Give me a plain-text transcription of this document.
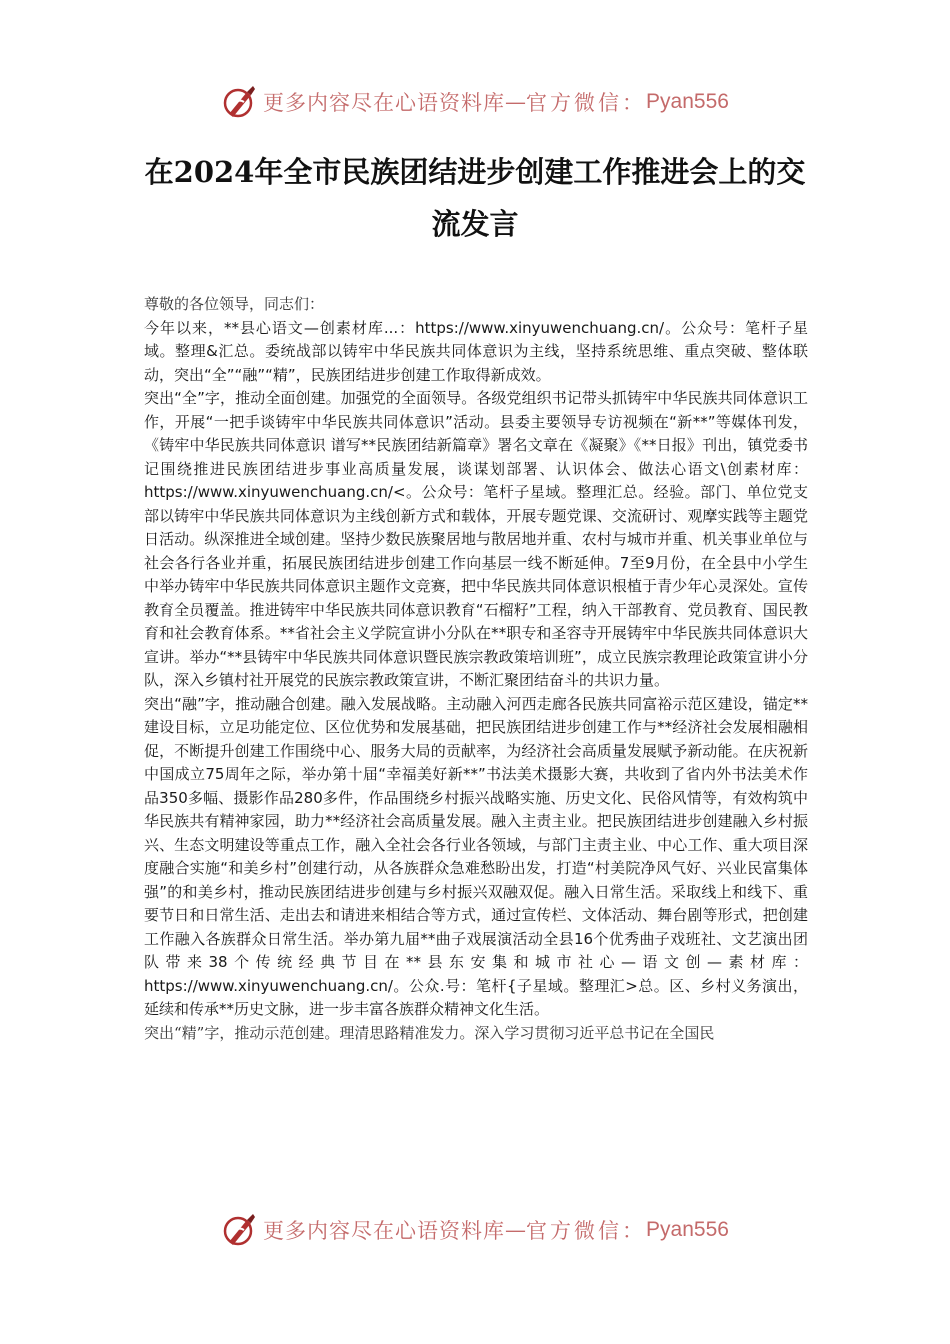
更多内容尽在心语资料库 — 官方微信： Pyan556
在2024年全市民族团结进步创建工作推进会上的交流发言

尊敬的各位领导，同志们：

今年以来，**县心语文—创素材库...：https://www.xinyuwenchuang.cn/。公众号：笔杆子星域。整理&汇总。委统战部以铸牢中华民族共同体意识为主线，坚持系统思维、重点突破、整体联动，突出“全”“融”“精”，民族团结进步创建工作取得新成效。

突出“全”字，推动全面创建。加强党的全面领导。各级党组织书记带头抓铸牢中华民族共同体意识工作，开展“一把手谈铸牢中华民族共同体意识”活动。县委主要领导专访视频在“新**”等媒体刊发，《铸牢中华民族共同体意识 谱写**民族团结新篇章》署名文章在《凝聚》《**日报》刊出，镇党委书记围绕推进民族团结进步事业高质量发展，谈谋划部署、认识体会、做法心语文\创素材库：https://www.xinyuwenchuang.cn/<。公众号：笔杆子星域。整理汇总。经验。部门、单位党支部以铸牢中华民族共同体意识为主线创新方式和载体，开展专题党课、交流研讨、观摩实践等主题党日活动。纵深推进全域创建。坚持少数民族聚居地与散居地并重、农村与城市并重、机关事业单位与社会各行各业并重，拓展民族团结进步创建工作向基层一线不断延伸。7至9月份，在全县中小学生中举办铸牢中华民族共同体意识主题作文竞赛，把中华民族共同体意识根植于青少年心灵深处。宣传教育全员覆盖。推进铸牢中华民族共同体意识教育“石榴籽”工程，纳入干部教育、党员教育、国民教育和社会教育体系。**省社会主义学院宣讲小分队在**职专和圣容寺开展铸牢中华民族共同体意识大宣讲。举办“**县铸牢中华民族共同体意识暨民族宗教政策培训班”，成立民族宗教理论政策宣讲小分队，深入乡镇村社开展党的民族宗教政策宣讲，不断汇聚团结奋斗的共识力量。

突出“融”字，推动融合创建。融入发展战略。主动融入河西走廊各民族共同富裕示范区建设，锚定**建设目标，立足功能定位、区位优势和发展基础，把民族团结进步创建工作与**经济社会发展相融相促，不断提升创建工作围绕中心、服务大局的贡献率，为经济社会高质量发展赋予新动能。在庆祝新中国成立75周年之际，举办第十届“幸福美好新**”书法美术摄影大赛，共收到了省内外书法美术作品350多幅、摄影作品280多件，作品围绕乡村振兴战略实施、历史文化、民俗风情等，有效构筑中华民族共有精神家园，助力**经济社会高质量发展。融入主责主业。把民族团结进步创建融入乡村振兴、生态文明建设等重点工作，融入全社会各行业各领域，与部门主责主业、中心工作、重大项目深度融合实施“和美乡村”创建行动，从各族群众急难愁盼出发，打造“村美院净风气好、兴业民富集体强”的和美乡村，推动民族团结进步创建与乡村振兴双融双促。融入日常生活。采取线上和线下、重要节日和日常生活、走出去和请进来相结合等方式，通过宣传栏、文体活动、舞台剧等形式，把创建工作融入各族群众日常生活。举办第九届**曲子戏展演活动全县16个优秀曲子戏班社、文艺演出团队带来38个传统经典节目在**县东安集和城市社心—语文创—素材库：https://www.xinyuwenchuang.cn/。公众.号：笔杆{子星域。整理汇>总。区、乡村义务演出，延续和传承**历史文脉，进一步丰富各族群众精神文化生活。

突出“精”字，推动示范创建。理清思路精准发力。深入学习贯彻习近平总书记在全国民

更多内容尽在心语资料库 — 官方微信： Pyan556
